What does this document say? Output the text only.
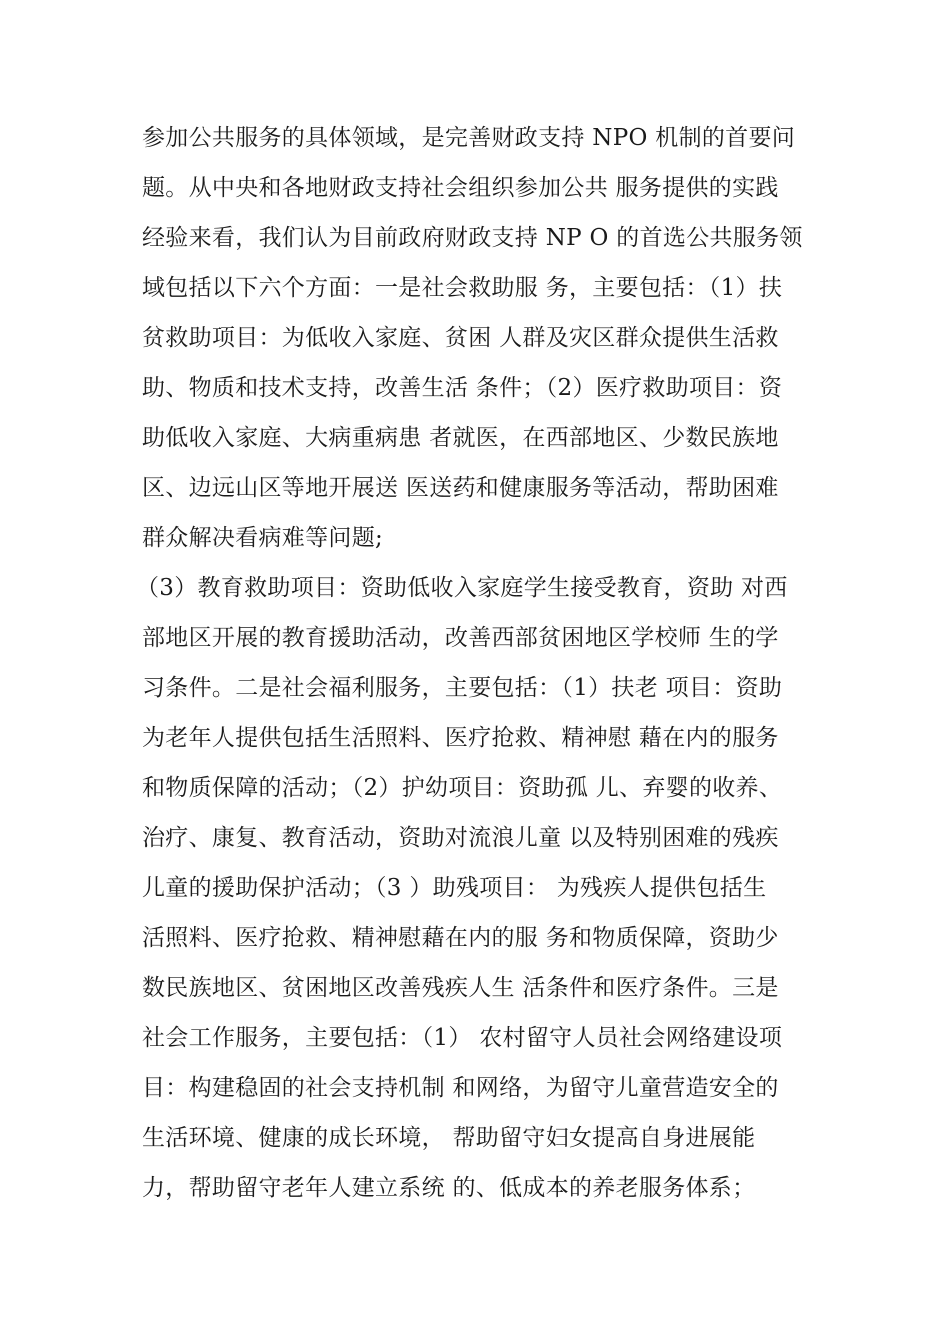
参加公共服务的具体领域，是完善财政支持 NPO 机制的首要问
题。从中央和各地财政支持社会组织参加公共 服务提供的实践
经验来看，我们认为目前政府财政支持 NP O 的首选公共服务领
域包括以下六个方面：一是社会救助服 务，主要包括：（1）扶
贫救助项目：为低收入家庭、贫困 人群及灾区群众提供生活救
助、物质和技术支持，改善生活 条件；（2）医疗救助项目：资
助低收入家庭、大病重病患 者就医，在西部地区、少数民族地
区、边远山区等地开展送 医送药和健康服务等活动，帮助困难
群众解决看病难等问题;
（3）教育救助项目：资助低收入家庭学生接受教育，资助 对西
部地区开展的教育援助活动，改善西部贫困地区学校师 生的学
习条件。二是社会福利服务，主要包括：（1）扶老 项目：资助
为老年人提供包括生活照料、医疗抢救、精神慰 藉在内的服务
和物质保障的活动；（2）护幼项目：资助孤 儿、弃婴的收养、
治疗、康复、教育活动，资助对流浪儿童 以及特别困难的残疾
儿童的援助保护活动；（3 ）助残项目： 为残疾人提供包括生
活照料、医疗抢救、精神慰藉在内的服 务和物质保障，资助少
数民族地区、贫困地区改善残疾人生 活条件和医疗条件。三是
社会工作服务，主要包括：（1） 农村留守人员社会网络建设项
目：构建稳固的社会支持机制 和网络，为留守儿童营造安全的
生活环境、健康的成长环境， 帮助留守妇女提高自身进展能
力，帮助留守老年人建立系统 的、低成本的养老服务体系；
